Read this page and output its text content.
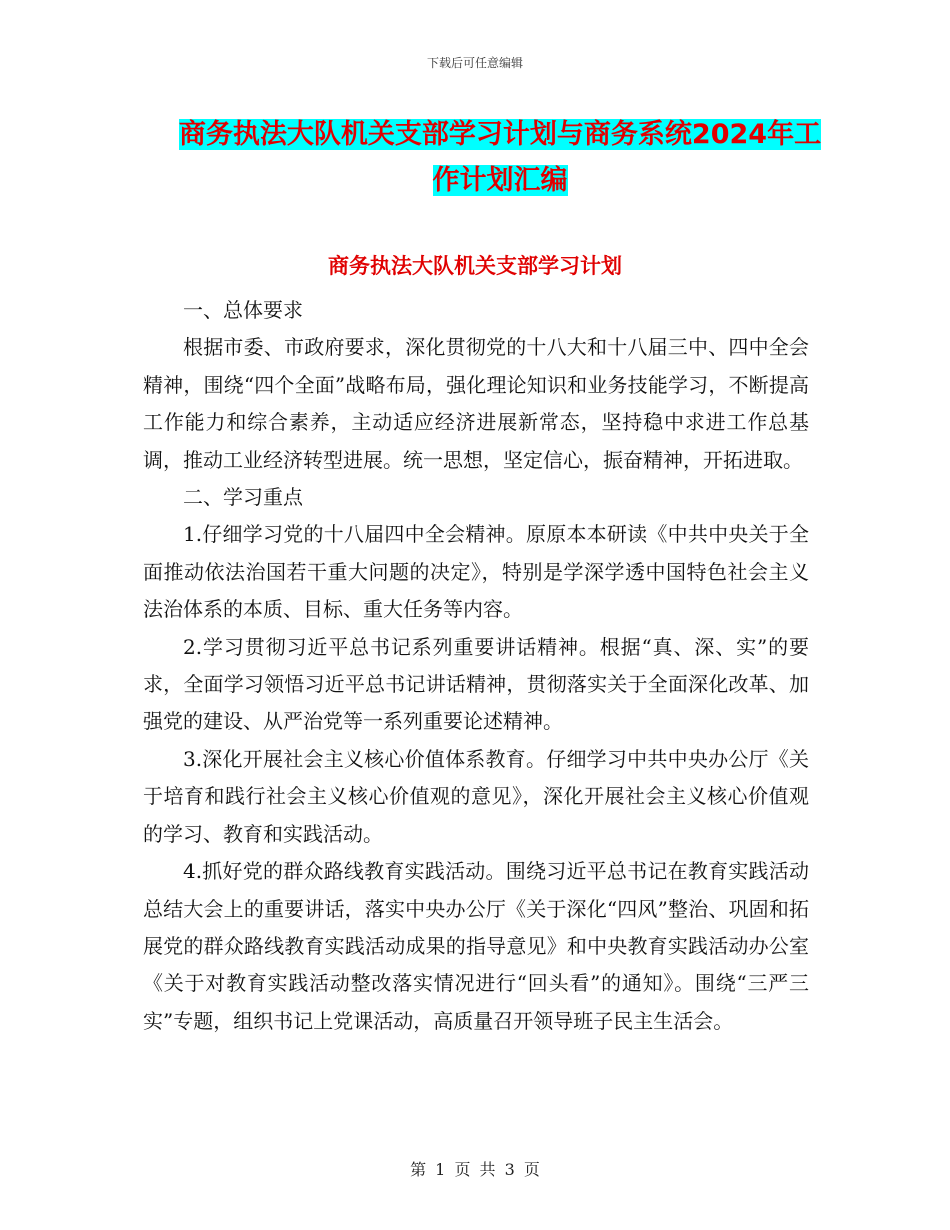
下载后可任意编辑
商务执法大队机关支部学习计划与商务系统2024年工
作计划汇编
商务执法大队机关支部学习计划

一、总体要求

根据市委、市政府要求，深化贯彻党的十八大和十八届三中、四中全会精神，围绕“四个全面”战略布局，强化理论知识和业务技能学习，不断提高工作能力和综合素养，主动适应经济进展新常态，坚持稳中求进工作总基调，推动工业经济转型进展。统一思想，坚定信心，振奋精神，开拓进取。

二、学习重点

1.仔细学习党的十八届四中全会精神。原原本本研读《中共中央关于全面推动依法治国若干重大问题的决定》，特别是学深学透中国特色社会主义法治体系的本质、目标、重大任务等内容。

2.学习贯彻习近平总书记系列重要讲话精神。根据“真、深、实”的要求，全面学习领悟习近平总书记讲话精神，贯彻落实关于全面深化改革、加强党的建设、从严治党等一系列重要论述精神。

3.深化开展社会主义核心价值体系教育。仔细学习中共中央办公厅《关于培育和践行社会主义核心价值观的意见》，深化开展社会主义核心价值观的学习、教育和实践活动。

4.抓好党的群众路线教育实践活动。围绕习近平总书记在教育实践活动总结大会上的重要讲话，落实中央办公厅《关于深化“四风”整治、巩固和拓展党的群众路线教育实践活动成果的指导意见》和中央教育实践活动办公室《关于对教育实践活动整改落实情况进行“回头看”的通知》。围绕“三严三实”专题，组织书记上党课活动，高质量召开领导班子民主生活会。

第 1 页 共 3 页
